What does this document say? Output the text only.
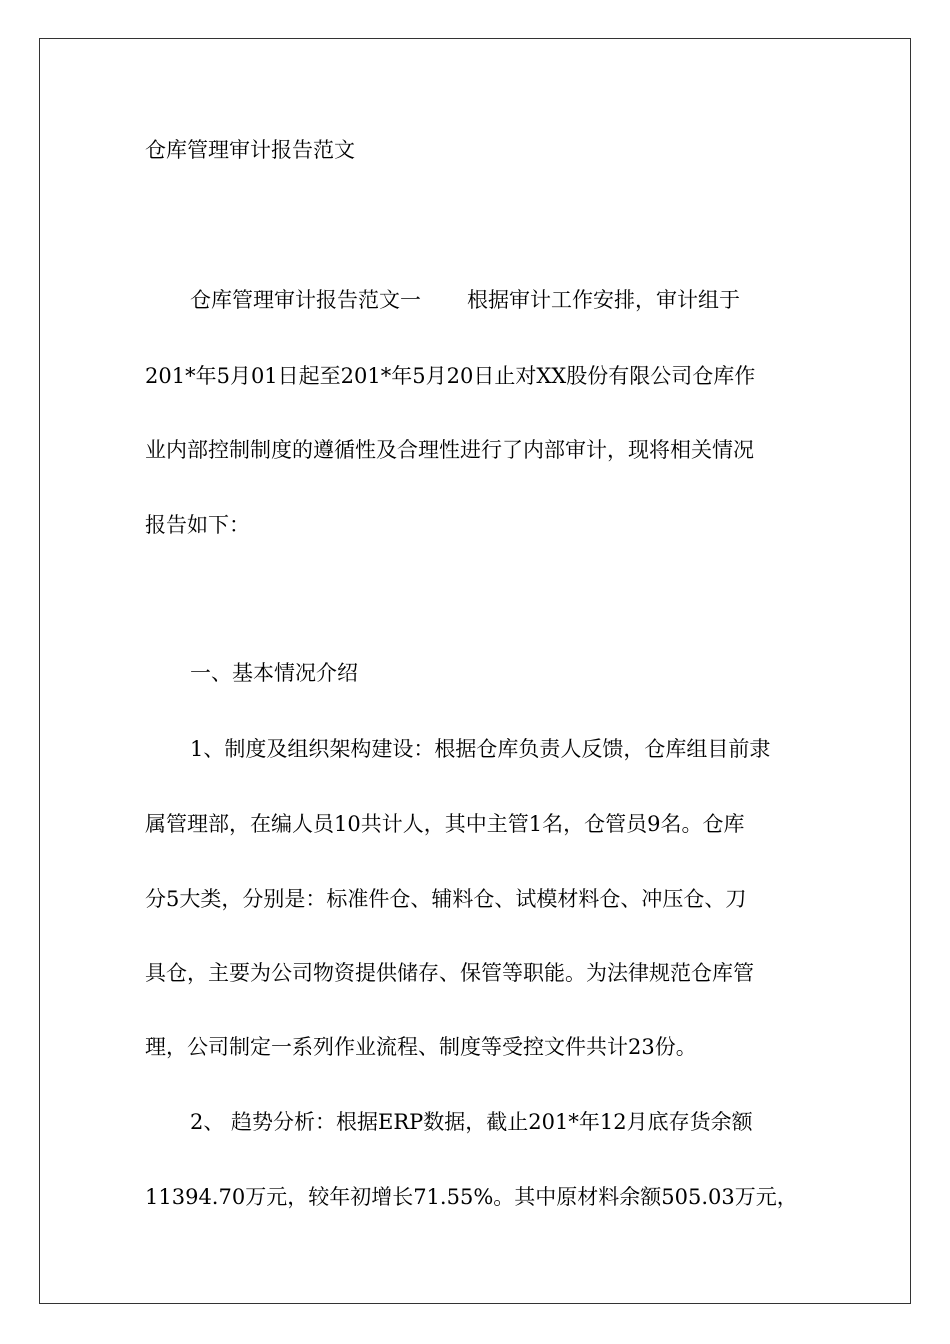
仓库管理审计报告范文
仓库管理审计报告范文一 根据审计工作安排，审计组于
201*年5月01日起至201*年5月20日止对XX股份有限公司仓库作
业内部控制制度的遵循性及合理性进行了内部审计，现将相关情况
报告如下：
一、基本情况介绍
1、制度及组织架构建设：根据仓库负责人反馈，仓库组目前隶
属管理部，在编人员10共计人，其中主管1名，仓管员9名。仓库
分5大类，分别是：标准件仓、辅料仓、试模材料仓、冲压仓、刀
具仓，主要为公司物资提供储存、保管等职能。为法律规范仓库管
理，公司制定一系列作业流程、制度等受控文件共计23份。
2、 趋势分析：根据ERP数据，截止201*年12月底存货余额
11394.70万元，较年初增长71.55%。其中原材料余额505.03万元，
